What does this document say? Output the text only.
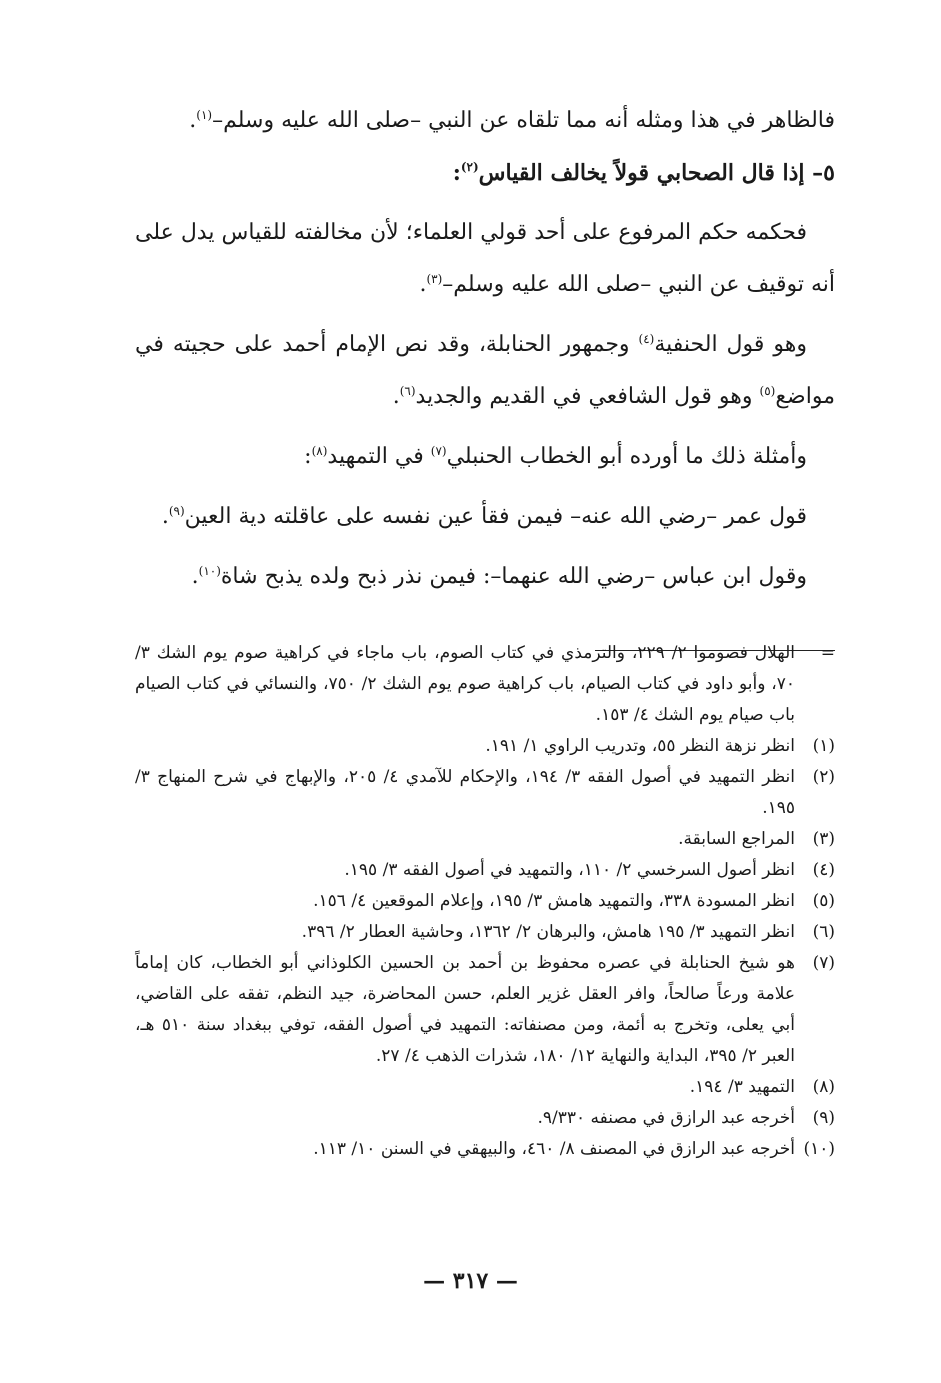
فالظاهر في هذا ومثله أنه مما تلقاه عن النبي –صلى الله عليه وسلم–$^{(١)}$.

٥– إذا قال الصحابي قولاً يخالف القياس$^{(٢)}$:

فحكمه حكم المرفوع على أحد قولي العلماء؛ لأن مخالفته للقياس يدل على أنه توقيف عن النبي –صلى الله عليه وسلم–$^{(٣)}$.

وهو قول الحنفية$^{(٤)}$ وجمهور الحنابلة، وقد نص الإمام أحمد على حجيته في مواضع$^{(٥)}$ وهو قول الشافعي في القديم والجديد$^{(٦)}$.

وأمثلة ذلك ما أورده أبو الخطاب الحنبلي$^{(٧)}$ في التمهيد$^{(٨)}$:

قول عمر –رضي الله عنه– فيمن فقأ عين نفسه على عاقلته دية العين$^{(٩)}$.

وقول ابن عباس –رضي الله عنهما–: فيمن نذر ذبح ولده يذبح شاة$^{(١٠)}$.

=
الهلال فصوموا ٢/ ٢٢٩، والترمذي في كتاب الصوم، باب ماجاء في كراهية صوم يوم الشك ٣/ ٧٠، وأبو داود في كتاب الصيام، باب كراهية صوم يوم الشك ٢/ ٧٥٠، والنسائي في كتاب الصيام باب صيام يوم الشك ٤/ ١٥٣.
(١)
انظر نزهة النظر ٥٥، وتدريب الراوي ١/ ١٩١.
(٢)
انظر التمهيد في أصول الفقه ٣/ ١٩٤، والإحكام للآمدي ٤/ ٢٠٥، والإبهاج في شرح المنهاج ٣/ ١٩٥.
(٣)
المراجع السابقة.
(٤)
انظر أصول السرخسي ٢/ ١١٠، والتمهيد في أصول الفقه ٣/ ١٩٥.
(٥)
انظر المسودة ٣٣٨، والتمهيد هامش ٣/ ١٩٥، وإعلام الموقعين ٤/ ١٥٦.
(٦)
انظر التمهيد ٣/ ١٩٥ هامش، والبرهان ٢/ ١٣٦٢، وحاشية العطار ٢/ ٣٩٦.
(٧)
هو شيخ الحنابلة في عصره محفوظ بن أحمد بن الحسين الكلوذاني أبو الخطاب، كان إماماً علامة ورعاً صالحاً، وافر العقل غزير العلم، حسن المحاضرة، جيد النظم، تفقه على القاضي، أبي يعلى، وتخرج به أئمة، ومن مصنفاته: التمهيد في أصول الفقه، توفي ببغداد سنة ٥١٠ هـ، العبر ٢/ ٣٩٥، البداية والنهاية ١٢/ ١٨٠، شذرات الذهب ٤/ ٢٧.
(٨)
التمهيد ٣/ ١٩٤.
(٩)
أخرجه عبد الرازق في مصنفه ٩/٣٣٠.
(١٠)
أخرجه عبد الرازق في المصنف ٨/ ٤٦٠، والبيهقي في السنن ١٠/ ١١٣.
— ٣١٧ —
